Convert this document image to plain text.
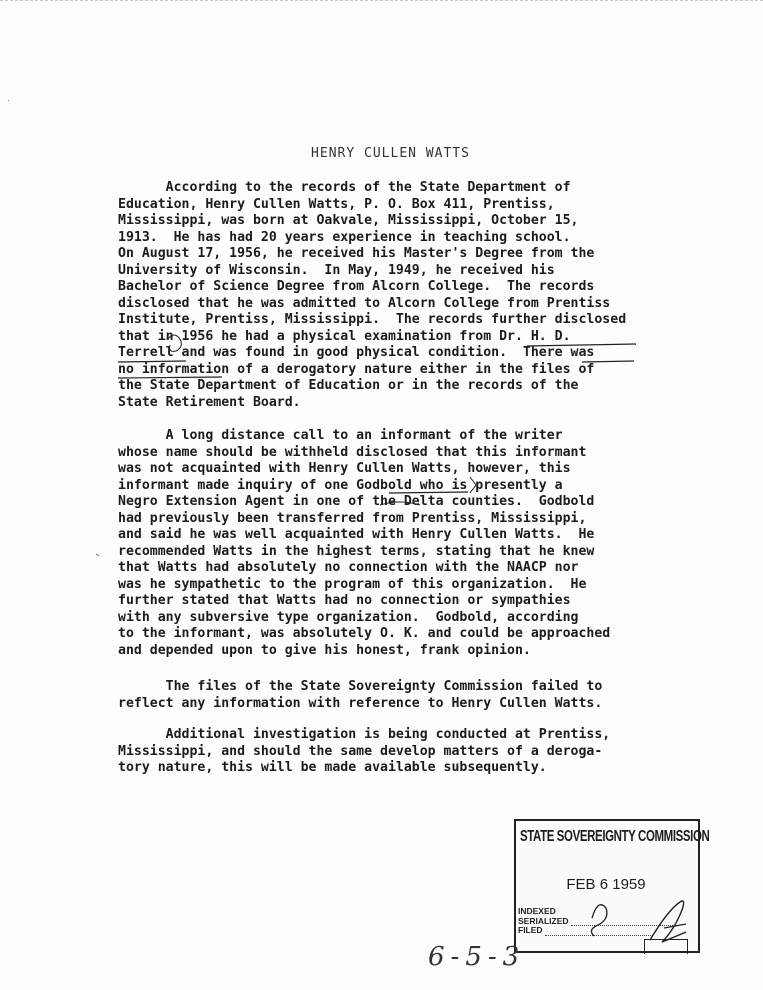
HENRY CULLEN WATTS

According to the records of the State Department of
Education, Henry Cullen Watts, P. O. Box 411, Prentiss,
Mississippi, was born at Oakvale, Mississippi, October 15,
1913.  He has had 20 years experience in teaching school.
On August 17, 1956, he received his Master's Degree from the
University of Wisconsin.  In May, 1949, he received his
Bachelor of Science Degree from Alcorn College.  The records
disclosed that he was admitted to Alcorn College from Prentiss
Institute, Prentiss, Mississippi.  The records further disclosed
that in 1956 he had a physical examination from Dr. H. D.
Terrell and was found in good physical condition.  There was
no information of a derogatory nature either in the files of
the State Department of Education or in the records of the
State Retirement Board.

A long distance call to an informant of the writer
whose name should be withheld disclosed that this informant
was not acquainted with Henry Cullen Watts, however, this
informant made inquiry of one Godbold who is presently a
Negro Extension Agent in one of the Delta counties.  Godbold
had previously been transferred from Prentiss, Mississippi,
and said he was well acquainted with Henry Cullen Watts.  He
recommended Watts in the highest terms, stating that he knew
that Watts had absolutely no connection with the NAACP nor
was he sympathetic to the program of this organization.  He
further stated that Watts had no connection or sympathies
with any subversive type organization.  Godbold, according
to the informant, was absolutely O. K. and could be approached
and depended upon to give his honest, frank opinion.

The files of the State Sovereignty Commission failed to
reflect any information with reference to Henry Cullen Watts.

Additional investigation is being conducted at Prentiss,
Mississippi, and should the same develop matters of a deroga-
tory nature, this will be made available subsequently.

STATE SOVEREIGNTY COMMISSION
FEB 6 1959
INDEXED
SERIALIZED
FILED
6-5-3
